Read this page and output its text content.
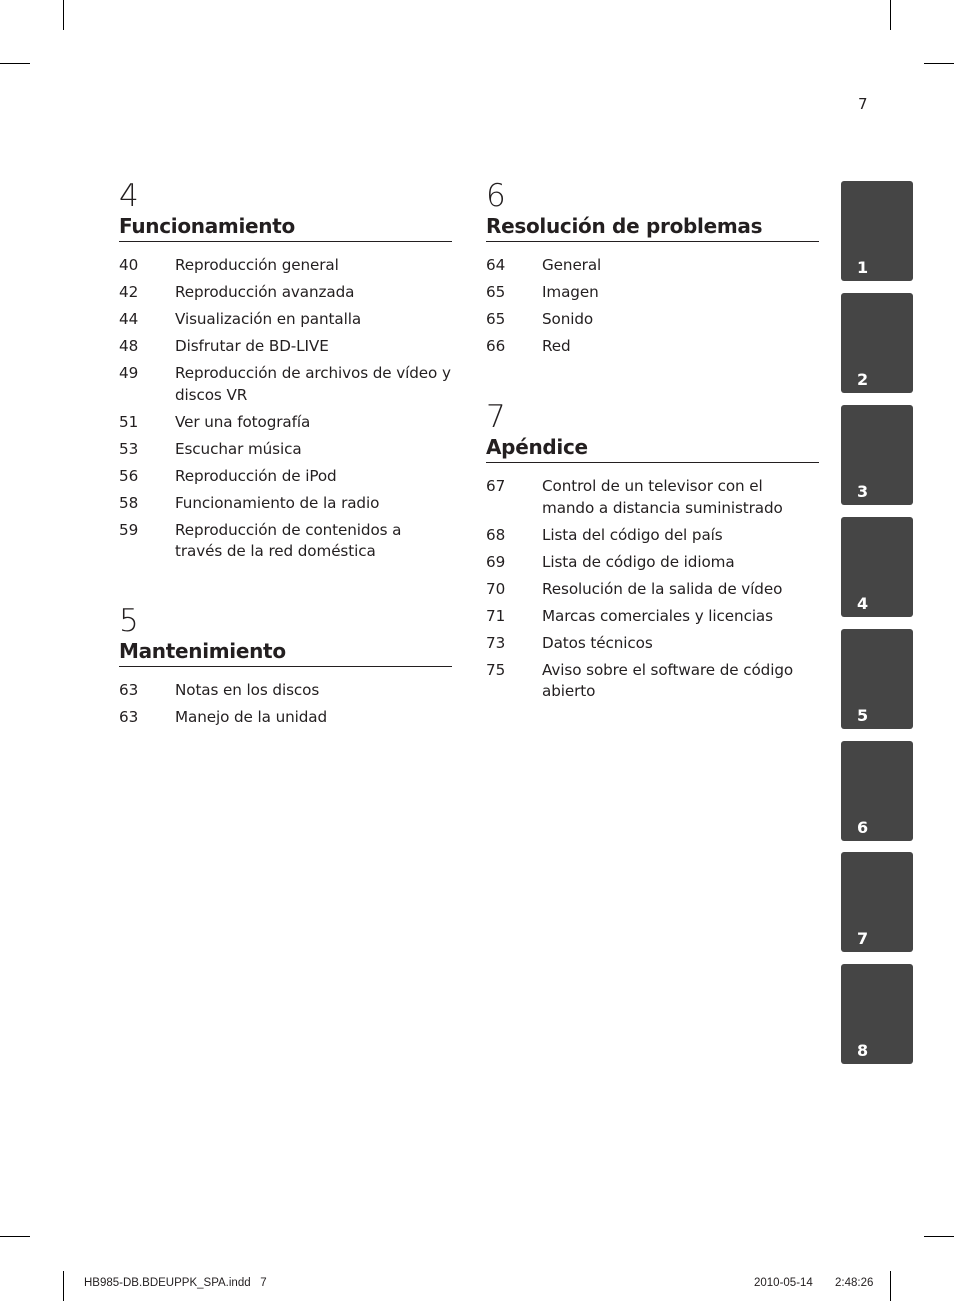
7
4
Funcionamiento
40	Reproducción general
42	Reproducción avanzada
44	Visualización en pantalla
48	Disfrutar de BD-LIVE
49	Reproducción de archivos de vídeo y discos VR
51	Ver una fotografía
53	Escuchar música
56	Reproducción de iPod
58	Funcionamiento de la radio
59	Reproducción de contenidos a través de la red doméstica
5
Mantenimiento
63	Notas en los discos
63	Manejo de la unidad
6
Resolución de problemas
64	General
65	Imagen
65	Sonido
66	Red
7
Apéndice
67	Control de un televisor con el mando a distancia suministrado
68	Lista del código del país
69	Lista de código de idioma
70	Resolución de la salida de vídeo
71	Marcas comerciales y licencias
73	Datos técnicos
75	Aviso sobre el software de código abierto
1
2
3
4
5
6
7
8
HB985-DB.BDEUPPK_SPA.indd   7	2010-05-14 2:48:26
